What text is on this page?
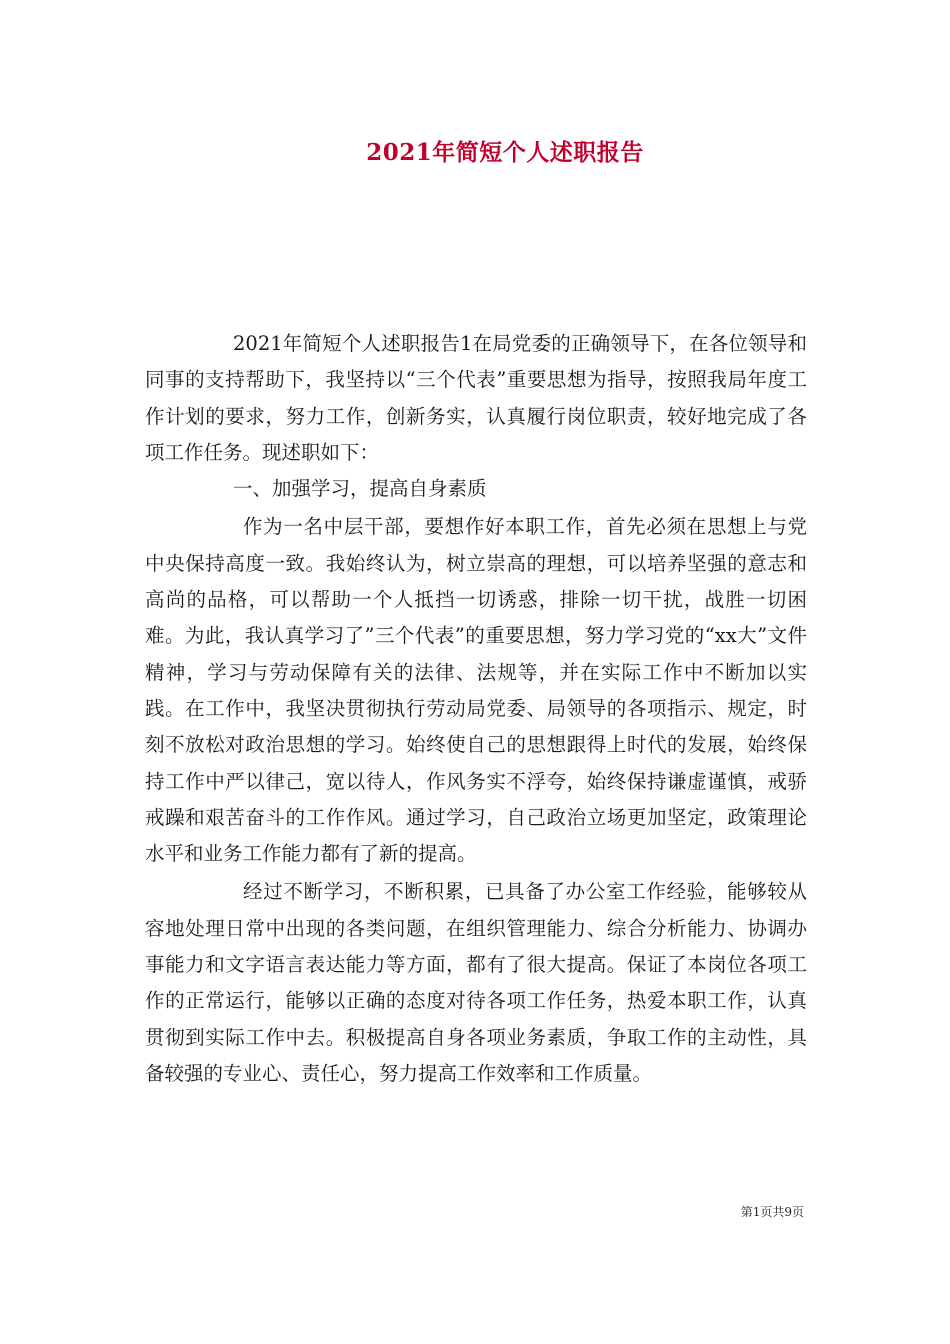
2021年简短个人述职报告

2021年简短个人述职报告1在局党委的正确领导下，在各位领导和同事的支持帮助下，我坚持以“三个代表”重要思想为指导，按照我局年度工作计划的要求，努力工作，创新务实，认真履行岗位职责，较好地完成了各项工作任务。现述职如下：

一、加强学习，提高自身素质

作为一名中层干部，要想作好本职工作，首先必须在思想上与党中央保持高度一致。我始终认为，树立崇高的理想，可以培养坚强的意志和高尚的品格，可以帮助一个人抵挡一切诱惑，排除一切干扰，战胜一切困难。为此，我认真学习了”三个代表”的重要思想，努力学习党的“xx大”文件精神，学习与劳动保障有关的法律、法规等，并在实际工作中不断加以实践。在工作中，我坚决贯彻执行劳动局党委、局领导的各项指示、规定，时刻不放松对政治思想的学习。始终使自己的思想跟得上时代的发展，始终保持工作中严以律己，宽以待人，作风务实不浮夸，始终保持谦虚谨慎，戒骄戒躁和艰苦奋斗的工作作风。通过学习，自己政治立场更加坚定，政策理论水平和业务工作能力都有了新的提高。

经过不断学习，不断积累，已具备了办公室工作经验，能够较从容地处理日常中出现的各类问题，在组织管理能力、综合分析能力、协调办事能力和文字语言表达能力等方面，都有了很大提高。保证了本岗位各项工作的正常运行，能够以正确的态度对待各项工作任务，热爱本职工作，认真贯彻到实际工作中去。积极提高自身各项业务素质，争取工作的主动性，具备较强的专业心、责任心，努力提高工作效率和工作质量。

第1页共9页
